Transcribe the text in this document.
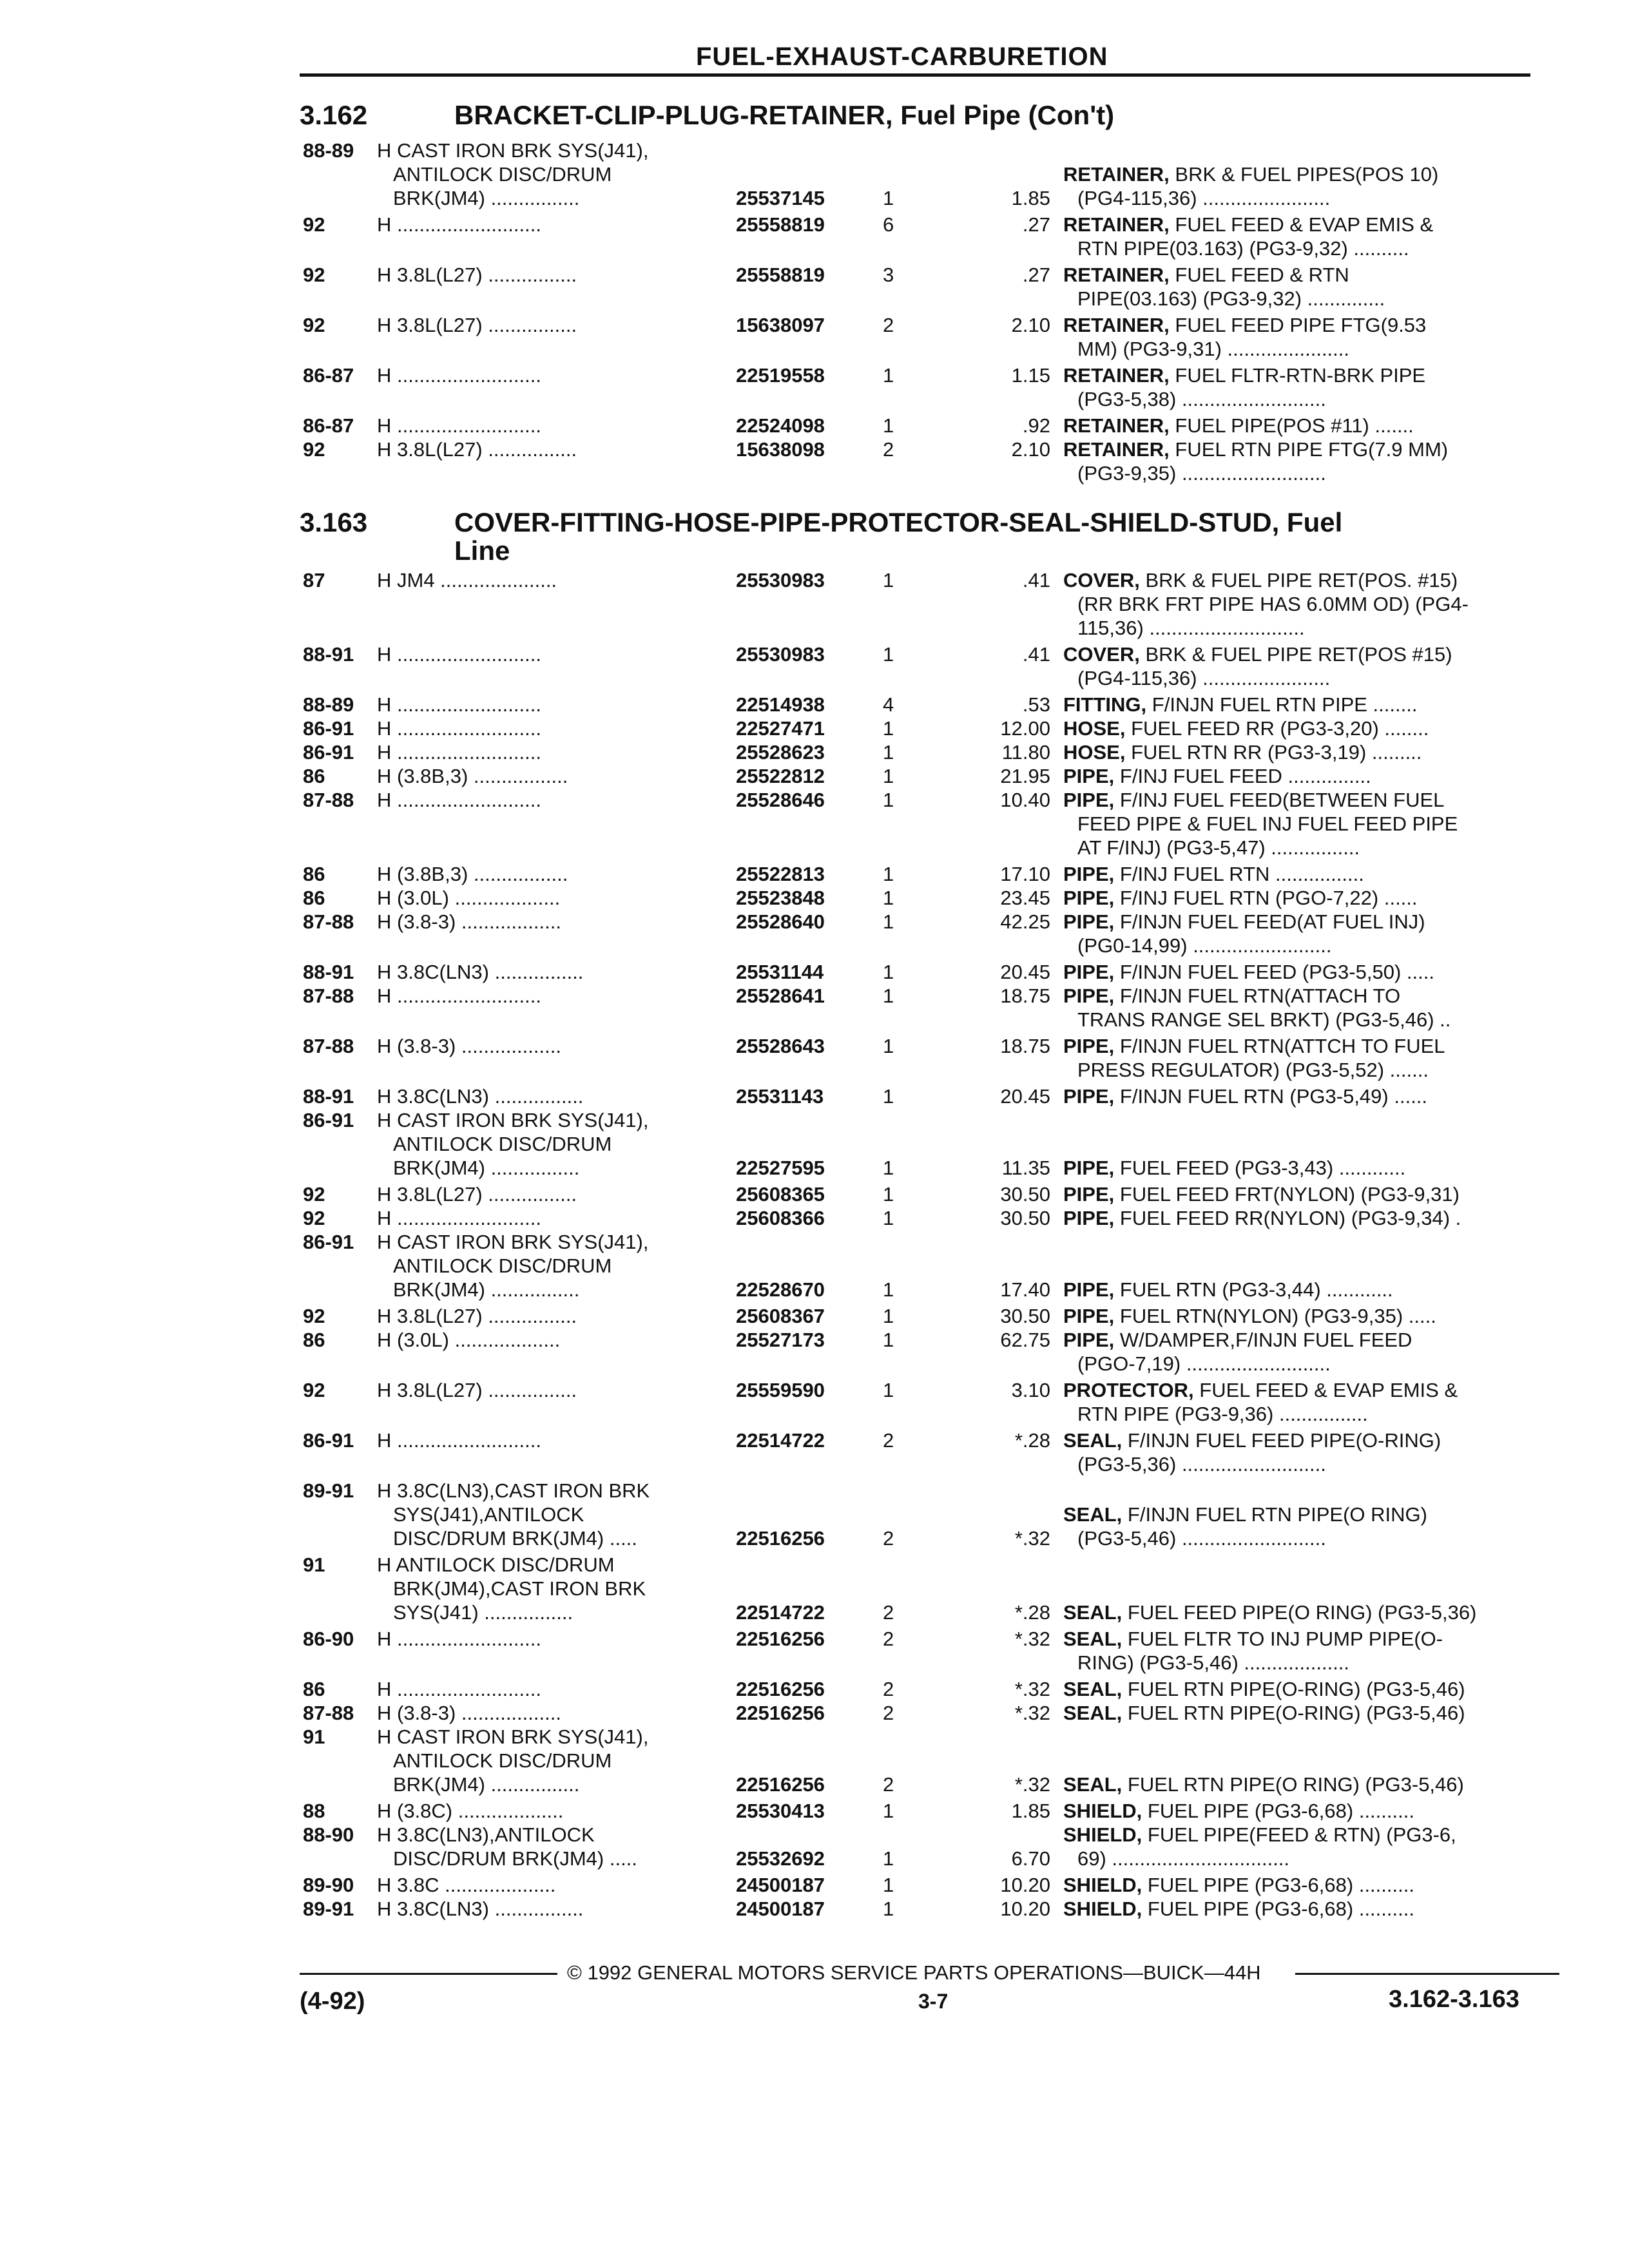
FUEL-EXHAUST-CARBURETION
3.162	BRACKET-CLIP-PLUG-RETAINER, Fuel Pipe (Con't)
88-89 H CAST IRON BRK SYS(J41),
ANTILOCK DISC/DRUM
BRK(JM4) ................	25537145	1	1.85
RETAINER, BRK & FUEL PIPES(POS 10)
(PG4-115,36) .......................
92	H ..........................	25558819	6	.27 RETAINER, FUEL FEED & EVAP EMIS &
RTN PIPE(03.163) (PG3-9,32) ..........
92	H 3.8L(L27) ................	25558819	3	.27 RETAINER, FUEL FEED & RTN
PIPE(03.163) (PG3-9,32) ..............
92	H 3.8L(L27) ................	15638097	2	2.10 RETAINER, FUEL FEED PIPE FTG(9.53
MM) (PG3-9,31) ......................
86-87 H ..........................	22519558	1	1.15 RETAINER, FUEL FLTR-RTN-BRK PIPE
(PG3-5,38) ..........................
86-87 H ..........................	22524098	1	.92 RETAINER, FUEL PIPE(POS #11) .......
92	H 3.8L(L27) ................	15638098	2	2.10 RETAINER, FUEL RTN PIPE FTG(7.9 MM)
(PG3-9,35) ..........................
3.163	COVER-FITTING-HOSE-PIPE-PROTECTOR-SEAL-SHIELD-STUD, Fuel
Line
87	H JM4 .....................	25530983	1	.41 COVER, BRK & FUEL PIPE RET(POS. #15)
(RR BRK FRT PIPE HAS 6.0MM OD) (PG4-
115,36) ............................
88-91 H ..........................	25530983	1	.41 COVER, BRK & FUEL PIPE RET(POS #15)
(PG4-115,36) .......................
88-89 H ..........................	22514938	4	.53 FITTING, F/INJN FUEL RTN PIPE ........
86-91 H ..........................	22527471	1	12.00 HOSE, FUEL FEED RR (PG3-3,20) ........
86-91 H ..........................	25528623	1	11.80 HOSE, FUEL RTN RR (PG3-3,19) .........
86	H (3.8B,3) .................	25522812	1	21.95 PIPE, F/INJ FUEL FEED ...............
87-88 H ..........................	25528646	1	10.40 PIPE, F/INJ FUEL FEED(BETWEEN FUEL
FEED PIPE & FUEL INJ FUEL FEED PIPE
AT F/INJ) (PG3-5,47) ................
86	H (3.8B,3) .................	25522813	1	17.10 PIPE, F/INJ FUEL RTN ................
86	H (3.0L) ...................	25523848	1	23.45 PIPE, F/INJ FUEL RTN (PGO-7,22) ......
87-88 H (3.8-3) ..................	25528640	1	42.25 PIPE, F/INJN FUEL FEED(AT FUEL INJ)
(PG0-14,99) .........................
88-91 H 3.8C(LN3) ................	25531144	1	20.45 PIPE, F/INJN FUEL FEED (PG3-5,50) .....
87-88 H ..........................	25528641	1	18.75 PIPE, F/INJN FUEL RTN(ATTACH TO
TRANS RANGE SEL BRKT) (PG3-5,46) ..
87-88 H (3.8-3) ..................	25528643	1	18.75 PIPE, F/INJN FUEL RTN(ATTCH TO FUEL
PRESS REGULATOR) (PG3-5,52) .......
88-91 H 3.8C(LN3) ................	25531143	1	20.45 PIPE, F/INJN FUEL RTN (PG3-5,49) ......
86-91 H CAST IRON BRK SYS(J41),
ANTILOCK DISC/DRUM
BRK(JM4) ................	22527595	1	11.35 PIPE, FUEL FEED (PG3-3,43) ............
92	H 3.8L(L27) ................	25608365	1	30.50 PIPE, FUEL FEED FRT(NYLON) (PG3-9,31)
92	H ..........................	25608366	1	30.50 PIPE, FUEL FEED RR(NYLON) (PG3-9,34) .
86-91 H CAST IRON BRK SYS(J41),
ANTILOCK DISC/DRUM
BRK(JM4) ................	22528670	1	17.40 PIPE, FUEL RTN (PG3-3,44) ............
92	H 3.8L(L27) ................	25608367	1	30.50 PIPE, FUEL RTN(NYLON) (PG3-9,35) .....
86	H (3.0L) ...................	25527173	1	62.75 PIPE, W/DAMPER,F/INJN FUEL FEED
(PGO-7,19) ..........................
92	H 3.8L(L27) ................	25559590	1	3.10 PROTECTOR, FUEL FEED & EVAP EMIS &
RTN PIPE (PG3-9,36) ................
86-91 H ..........................	22514722	2	*.28 SEAL, F/INJN FUEL FEED PIPE(O-RING)
(PG3-5,36) ..........................
89-91 H 3.8C(LN3),CAST IRON BRK
SYS(J41),ANTILOCK
DISC/DRUM BRK(JM4) .....	22516256	2	*.32
SEAL, F/INJN FUEL RTN PIPE(O RING)
(PG3-5,46) ..........................
91	H ANTILOCK DISC/DRUM
BRK(JM4),CAST IRON BRK
SYS(J41) ................	22514722	2	*.28 SEAL, FUEL FEED PIPE(O RING) (PG3-5,36)
86-90 H ..........................	22516256	2	*.32 SEAL, FUEL FLTR TO INJ PUMP PIPE(O-
RING) (PG3-5,46) ...................
86	H ..........................	22516256	2	*.32 SEAL, FUEL RTN PIPE(O-RING) (PG3-5,46)
87-88 H (3.8-3) ..................	22516256	2	*.32 SEAL, FUEL RTN PIPE(O-RING) (PG3-5,46)
91	H CAST IRON BRK SYS(J41),
ANTILOCK DISC/DRUM
BRK(JM4) ................	22516256	2	*.32 SEAL, FUEL RTN PIPE(O RING) (PG3-5,46)
88	H (3.8C) ...................	25530413	1	1.85 SHIELD, FUEL PIPE (PG3-6,68) ..........
88-90 H 3.8C(LN3),ANTILOCK
DISC/DRUM BRK(JM4) .....	25532692	1	6.70
SHIELD, FUEL PIPE(FEED & RTN) (PG3-6,
69) ................................
89-90 H 3.8C ....................	24500187	1	10.20 SHIELD, FUEL PIPE (PG3-6,68) ..........
89-91 H 3.8C(LN3) ................	24500187	1	10.20 SHIELD, FUEL PIPE (PG3-6,68) ..........
© 1992 GENERAL MOTORS SERVICE PARTS OPERATIONS—BUICK—44H
(4-92)	3-7	3.162-3.163
